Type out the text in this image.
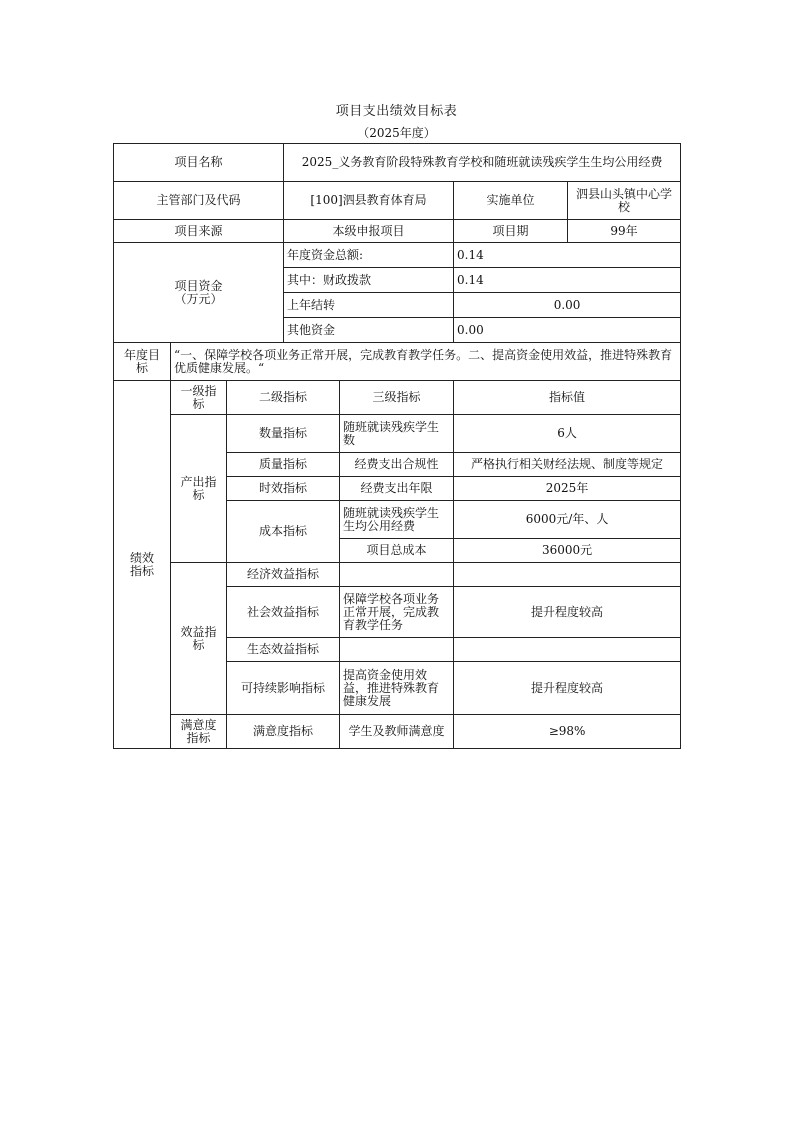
项目支出绩效目标表
（2025年度）
项目名称			2025_义务教育阶段特殊教育学校和随班就读残疾学生生均公用经费			
主管部门及代码			[100]泗县教育体育局		实施单位	泗县山头镇中心学校
项目来源			本级申报项目		项目期	99年
项目资金
（万元）			年度资金总额:		0.14	
			其中：财政拨款		0.14	
			上年结转		0.00	
			其他资金		0.00	
年度目标	“一、保障学校各项业务正常开展，完成教育教学任务。二、提高资金使用效益，推进特殊教育优质健康发展。“					
绩效指标	一级指标	二级指标		三级指标	指标值	
	产出指标	数量指标		随班就读残疾学生数	6人	
		质量指标		经费支出合规性	严格执行相关财经法规、制度等规定	
		时效指标		经费支出年限	2025年	
		成本指标		随班就读残疾学生生均公用经费	6000元/年、人	
				项目总成本	36000元	
	效益指标	经济效益指标				
		社会效益指标		保障学校各项业务正常开展，完成教育教学任务	提升程度较高	
		生态效益指标				
		可持续影响指标		提高资金使用效益，推进特殊教育健康发展	提升程度较高	
	满意度指标	满意度指标		学生及教师满意度	≥98%	
